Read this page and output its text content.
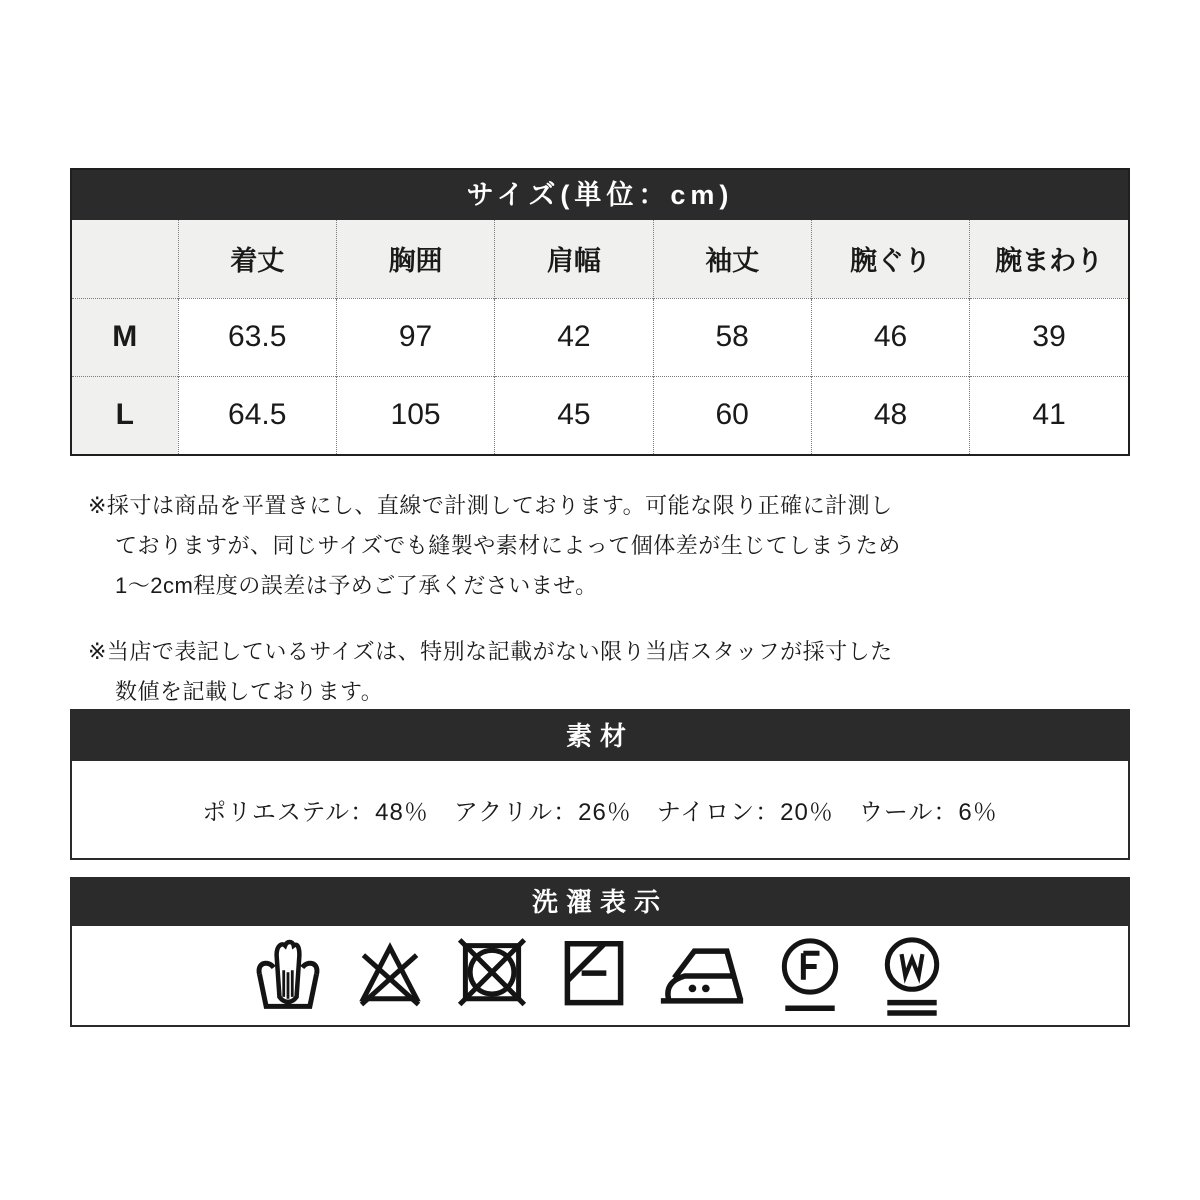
サイズ(単位：cm)
	着丈	胸囲	肩幅	袖丈	腕ぐり	腕まわり
M	63.5	97	42	58	46	39
L	64.5	105	45	60	48	41
※採寸は商品を平置きにし、直線で計測しております。可能な限り正確に計測し
ておりますが、同じサイズでも縫製や素材によって個体差が生じてしまうため
1〜2cm程度の誤差は予めご了承くださいませ。
※当店で表記しているサイズは、特別な記載がない限り当店スタッフが採寸した
数値を記載しております。
素材
ポリエステル：48％　アクリル：26％　ナイロン：20％　ウール：6％
洗濯表示
